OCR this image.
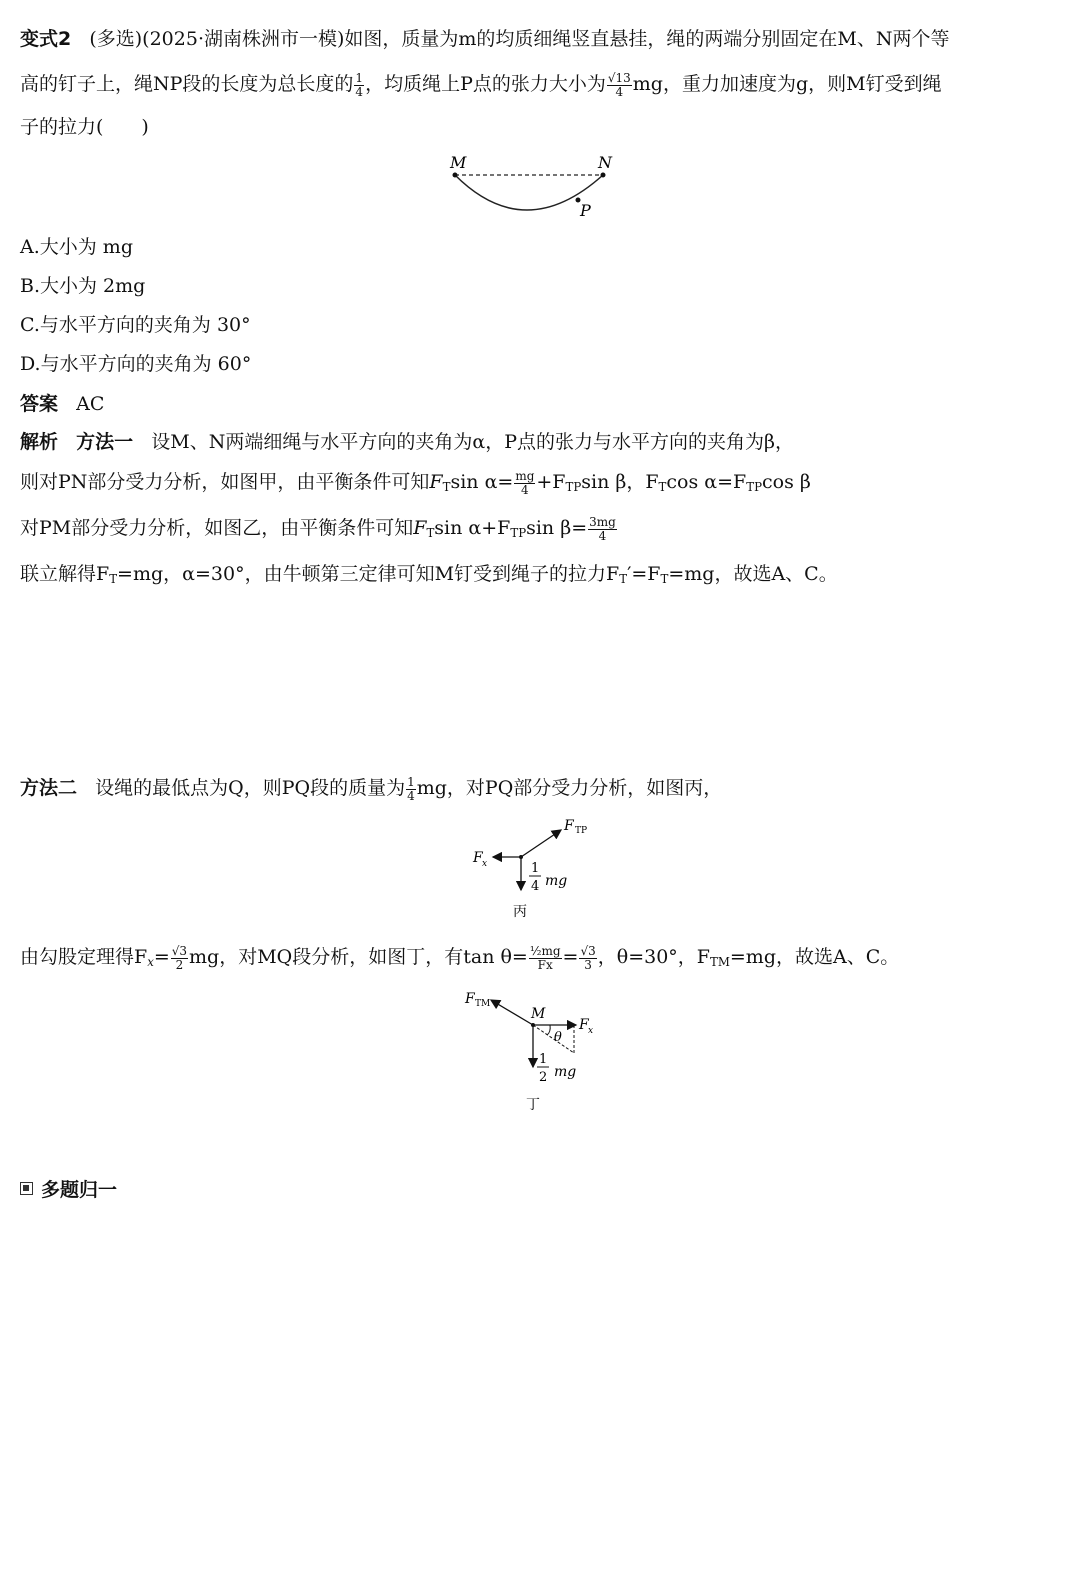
变式2 (多选)(2025·湖南株洲市一模)如图，质量为m的均质细绳竖直悬挂，绳的两端分别固定在M、N两个等
高的钉子上，绳NP段的长度为总长度的 $\frac{1}{4}$ ，均质绳上P点的张力大小为 $\frac{√13}{4}$ mg，重力加速度为g，则M钉受到绳
子的拉力(　　)
M	N
P
A.大小为 mg
B.大小为 2mg
C.与水平方向的夹角为 30°
D.与水平方向的夹角为 60°
答案 AC
解析 方法一 设M、N两端细绳与水平方向的夹角为α，P点的张力与水平方向的夹角为β，
则对PN部分受力分析，如图甲，由平衡条件可知$F_T\sin$ $\alpha= \frac{mg}{4} +F_{TP}\sin$ β，$F_T\cos$ $\alpha=F_{TP}\cos$ β
对PM部分受力分析，如图乙，由平衡条件可知$F_T\sin$ $\alpha+F_{TP}\sin$ $\beta= \frac{3mg}{4}$
联立解得$F_T=mg$，α=30°，由牛顿第三定律可知M钉受到绳子的拉力$F_T'=F_T=mg$，故选A、C。
方法二 设绳的最低点为Q，则PQ段的质量为 $\frac{1}{4}$ mg，对PQ部分受力分析，如图丙，
F TP
F x	1
4 mg
丙
由勾股定理得$F_x= \frac{√3}{2}$ mg，对MQ段分析，如图丁，有$\tan \theta= \frac{\text{½mg}}{Fx} = \frac{√3}{3}$ ，θ=30°，$F_{TM}=mg$，故选A、C。
F TM
M
θ
F x
1
2 mg
丁
多题归一
